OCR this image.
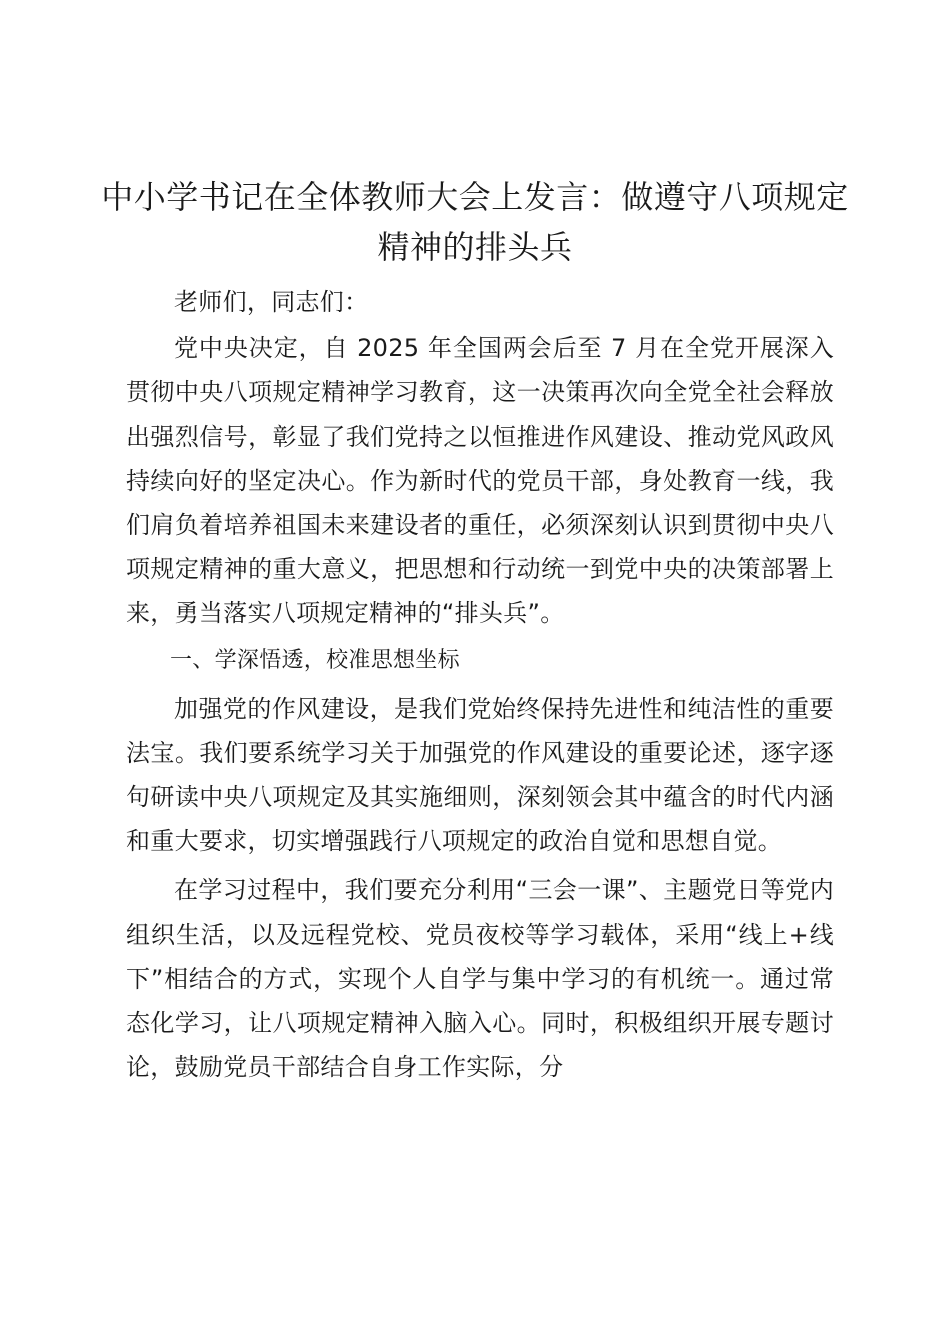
中小学书记在全体教师大会上发言：做遵守八项规定精神的排头兵

老师们，同志们：

党中央决定，自 2025 年全国两会后至 7 月在全党开展深入贯彻中央八项规定精神学习教育，这一决策再次向全党全社会释放出强烈信号，彰显了我们党持之以恒推进作风建设、推动党风政风持续向好的坚定决心。作为新时代的党员干部，身处教育一线，我们肩负着培养祖国未来建设者的重任，必须深刻认识到贯彻中央八项规定精神的重大意义，把思想和行动统一到党中央的决策部署上来，勇当落实八项规定精神的“排头兵”。

一、学深悟透，校准思想坐标

加强党的作风建设，是我们党始终保持先进性和纯洁性的重要法宝。我们要系统学习关于加强党的作风建设的重要论述，逐字逐句研读中央八项规定及其实施细则，深刻领会其中蕴含的时代内涵和重大要求，切实增强践行八项规定的政治自觉和思想自觉。

在学习过程中，我们要充分利用“三会一课”、主题党日等党内组织生活，以及远程党校、党员夜校等学习载体，采用“线上+线下”相结合的方式，实现个人自学与集中学习的有机统一。通过常态化学习，让八项规定精神入脑入心。同时，积极组织开展专题讨论，鼓励党员干部结合自身工作实际，分
